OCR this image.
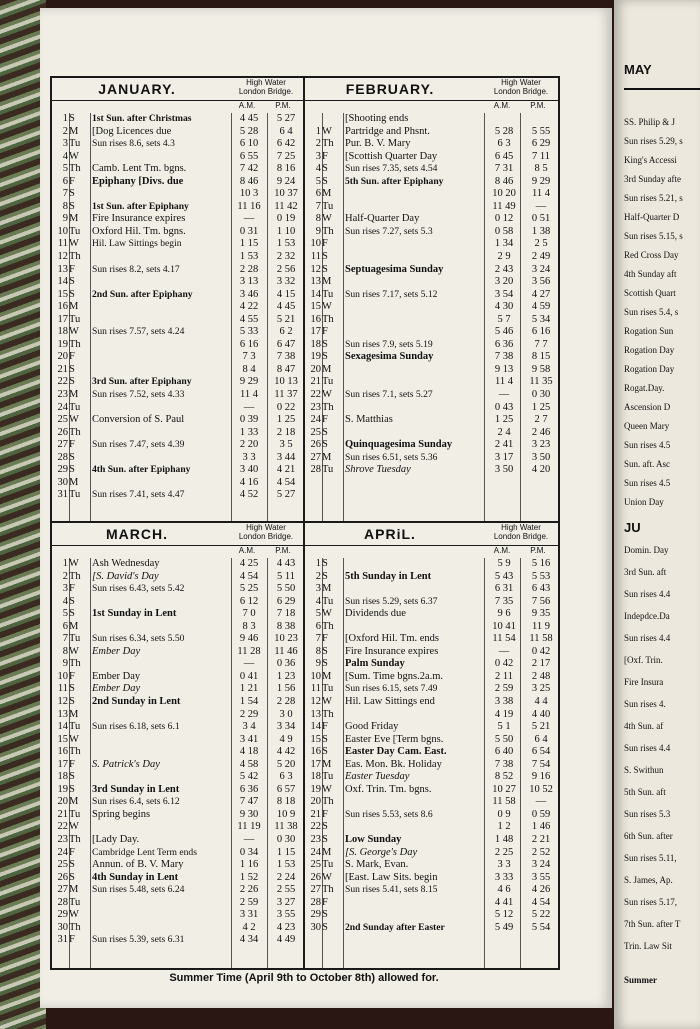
JANUARY.	High Water
London Bridge.
A.M.	P.M.
1 S	1st Sun. after Christmas	4 45	5 27
2 M	[Dog Licences due	5 28	6 4
3 Tu	Sun rises 8.6, sets 4.3	6 10	6 42
4 W	6 55	7 25
5 Th	Camb. Lent Tm. bgns.	7 42	8 16
6 F	Epiphany [Divs. due	8 46	9 24
7 S	10 3	10 37
8 S	1st Sun. after Epiphany	11 16	11 42
9 M	Fire Insurance expires	—	0 19
10 Tu	Oxford Hil. Tm. bgns.	0 31	1 10
11 W	Hil. Law Sittings begin	1 15	1 53
12 Th	1 53	2 32
13 F	Sun rises 8.2, sets 4.17	2 28	2 56
14 S	3 13	3 32
15 S	2nd Sun. after Epiphany	3 46	4 15
16 M	4 22	4 45
17 Tu	4 55	5 21
18 W	Sun rises 7.57, sets 4.24	5 33	6 2
19 Th	6 16	6 47
20 F	7 3	7 38
21 S	8 4	8 47
22 S	3rd Sun. after Epiphany	9 29	10 13
23 M	Sun rises 7.52, sets 4.33	11 4	11 37
24 Tu	—	0 22
25 W	Conversion of S. Paul	0 39	1 25
26 Th	1 33	2 18
27 F	Sun rises 7.47, sets 4.39	2 20	3 5
28 S	3 3	3 44
29 S	4th Sun. after Epiphany	3 40	4 21
30 M	4 16	4 54
31 Tu	Sun rises 7.41, sets 4.47	4 52	5 27
FEBRUARY.	High Water
London Bridge.
A.M.	P.M.
[Shooting ends
1 W	Partridge and Phsnt.	5 28	5 55
2 Th	Pur. B. V. Mary	6 3	6 29
3 F	[Scottish Quarter Day	6 45	7 11
4 S	Sun rises 7.35, sets 4.54	7 31	8 5
5 S	5th Sun. after Epiphany	8 46	9 29
6 M	10 20	11 4
7 Tu	11 49	—
8 W	Half-Quarter Day	0 12	0 51
9 Th	Sun rises 7.27, sets 5.3	0 58	1 38
10 F	1 34	2 5
11 S	2 9	2 49
12 S	Septuagesima Sunday	2 43	3 24
13 M	3 20	3 56
14 Tu	Sun rises 7.17, sets 5.12	3 54	4 27
15 W	4 30	4 59
16 Th	5 7	5 34
17 F	5 46	6 16
18 S	Sun rises 7.9, sets 5.19	6 36	7 7
19 S	Sexagesima Sunday	7 38	8 15
20 M	9 13	9 58
21 Tu	11 4	11 35
22 W	Sun rises 7.1, sets 5.27	—	0 30
23 Th	0 43	1 25
24 F	S. Matthias	1 25	2 7
25 S	2 4	2 46
26 S	Quinquagesima Sunday	2 41	3 23
27 M	Sun rises 6.51, sets 5.36	3 17	3 50
28 Tu	Shrove Tuesday	3 50	4 20
MARCH.	High Water
London Bridge.
A.M.	P.M.
1 W	Ash Wednesday	4 25	4 43
2 Th	[S. David's Day	4 54	5 11
3 F	Sun rises 6.43, sets 5.42	5 25	5 50
4 S	6 12	6 29
5 S	1st Sunday in Lent	7 0	7 18
6 M	8 3	8 38
7 Tu	Sun rises 6.34, sets 5.50	9 46	10 23
8 W	Ember Day	11 28	11 46
9 Th	—	0 36
10 F	Ember Day	0 41	1 23
11 S	Ember Day	1 21	1 56
12 S	2nd Sunday in Lent	1 54	2 28
13 M	2 29	3 0
14 Tu	Sun rises 6.18, sets 6.1	3 4	3 34
15 W	3 41	4 9
16 Th	4 18	4 42
17 F	S. Patrick's Day	4 58	5 20
18 S	5 42	6 3
19 S	3rd Sunday in Lent	6 36	6 57
20 M	Sun rises 6.4, sets 6.12	7 47	8 18
21 Tu	Spring begins	9 30	10 9
22 W	11 19	11 38
23 Th	[Lady Day.	—	0 30
24 F	Cambridge Lent Term ends	0 34	1 15
25 S	Annun. of B. V. Mary	1 16	1 53
26 S	4th Sunday in Lent	1 52	2 24
27 M	Sun rises 5.48, sets 6.24	2 26	2 55
28 Tu	2 59	3 27
29 W	3 31	3 55
30 Th	4 2	4 23
31 F	Sun rises 5.39, sets 6.31	4 34	4 49
APRiL.	High Water
London Bridge.
A.M.	P.M.
1 S	5 9	5 16
2 S	5th Sunday in Lent	5 43	5 53
3 M	6 31	6 43
4 Tu	Sun rises 5.29, sets 6.37	7 35	7 56
5 W	Dividends due	9 6	9 35
6 Th	10 41	11 9
7 F	[Oxford Hil. Tm. ends	11 54	11 58
8 S	Fire Insurance expires	—	0 42
9 S	Palm Sunday	0 42	2 17
10 M	[Sum. Time bgns.2a.m.	2 11	2 48
11 Tu	Sun rises 6.15, sets 7.49	2 59	3 25
12 W	Hil. Law Sittings end	3 38	4 4
13 Th	4 19	4 40
14 F	Good Friday	5 1	5 21
15 S	Easter Eve [Term bgns.	5 50	6 4
16 S	Easter Day Cam. East.	6 40	6 54
17 M	Eas. Mon. Bk. Holiday	7 38	7 54
18 Tu	Easter Tuesday	8 52	9 16
19 W	Oxf. Trin. Tm. bgns.	10 27	10 52
20 Th	11 58	—
21 F	Sun rises 5.53, sets 8.6	0 9	0 59
22 S	1 2	1 46
23 S	Low Sunday	1 48	2 21
24 M	[S. George's Day	2 25	2 52
25 Tu	S. Mark, Evan.	3 3	3 24
26 W	[East. Law Sits. begin	3 33	3 55
27 Th	Sun rises 5.41, sets 8.15	4 6	4 26
28 F	4 41	4 54
29 S	5 12	5 22
30 S	2nd Sunday after Easter	5 49	5 54
Summer Time (April 9th to October 8th) allowed for.
MAY
SS. Philip & J
Sun rises 5.29, s
King's Accessi
3rd Sunday afte
Sun rises 5.21, s
Half-Quarter D
Sun rises 5.15, s
Red Cross Day
4th Sunday aft
Scottish Quart
Sun rises 5.4, s
Rogation Sun
Rogation Day
Rogation Day
Rogat.Day.
Ascension D
Queen Mary
Sun rises 4.5
Sun. aft. Asc
Sun rises 4.5
Union Day
JU
Domin. Day
3rd Sun. aft
Sun rises 4.4
Indepdce.Da
Sun rises 4.4
[Oxf. Trin.
Fire Insura
Sun rises 4.
4th Sun. af
Sun rises 4.4
S. Swithun
5th Sun. aft
Sun rises 5.3
6th Sun. after
Sun rises 5.11,
S. James, Ap.
Sun rises 5.17,
7th Sun. after T
Trin. Law Sit
Summer
